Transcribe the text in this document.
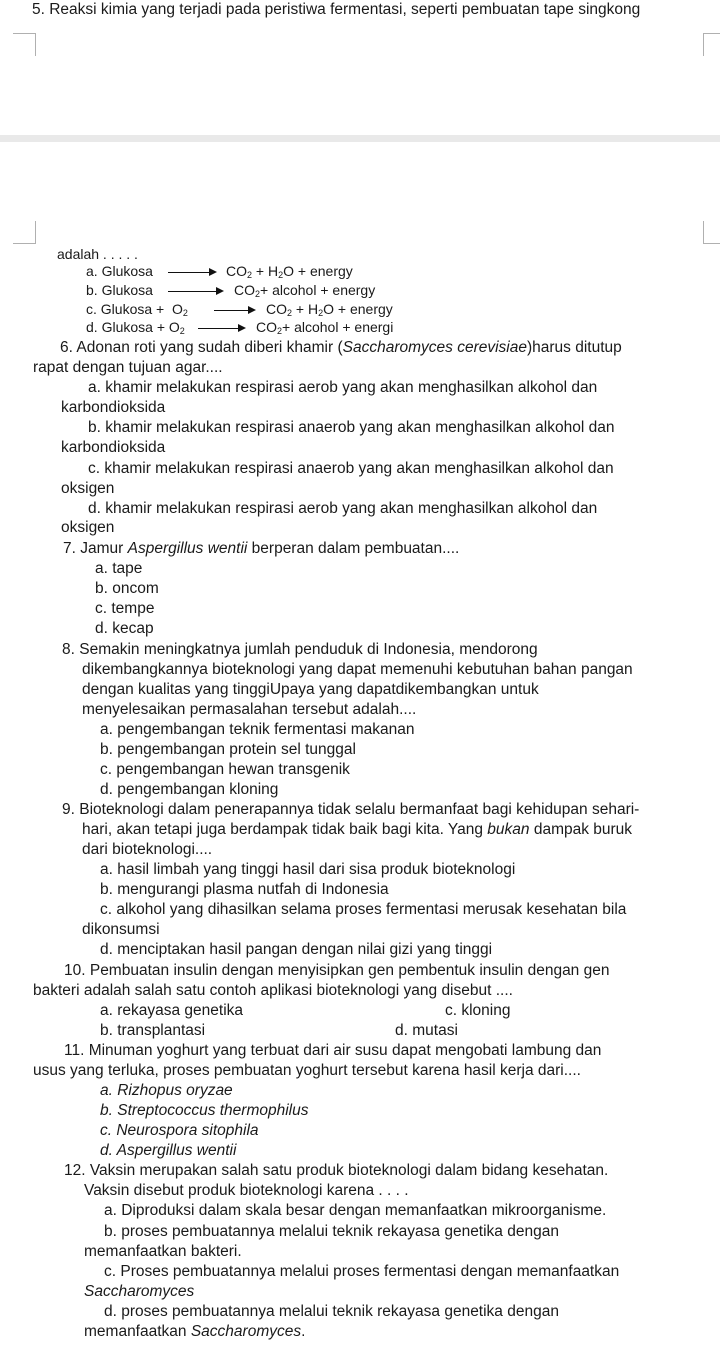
5. Reaksi kimia yang terjadi pada peristiwa fermentasi, seperti pembuatan tape singkong
adalah . . . . .
a. Glukosa → $CO_2 + H_2O$ + energy
b. Glukosa → $CO_2+$ alcohol + energy
c. Glukosa + $O_2 \to CO_2 + H_2O$ + energy
d. Glukosa + $O_2 \to CO_2+$ alcohol + energi
6. Adonan roti yang sudah diberi khamir (Saccharomyces cerevisiae)harus ditutup
rapat dengan tujuan agar....
a. khamir melakukan respirasi aerob yang akan menghasilkan alkohol dan
karbondioksida
b. khamir melakukan respirasi anaerob yang akan menghasilkan alkohol dan
karbondioksida
c. khamir melakukan respirasi anaerob yang akan menghasilkan alkohol dan
oksigen
d. khamir melakukan respirasi aerob yang akan menghasilkan alkohol dan
oksigen
7. Jamur Aspergillus wentii berperan dalam pembuatan....
a. tape
b. oncom
c. tempe
d. kecap
8. Semakin meningkatnya jumlah penduduk di Indonesia, mendorong
dikembangkannya bioteknologi yang dapat memenuhi kebutuhan bahan pangan
dengan kualitas yang tinggiUpaya yang dapatdikembangkan untuk
menyelesaikan permasalahan tersebut adalah....
a. pengembangan teknik fermentasi makanan
b. pengembangan protein sel tunggal
c. pengembangan hewan transgenik
d. pengembangan kloning
9. Bioteknologi dalam penerapannya tidak selalu bermanfaat bagi kehidupan sehari-
hari, akan tetapi juga berdampak tidak baik bagi kita. Yang bukan dampak buruk
dari bioteknologi....
a. hasil limbah yang tinggi hasil dari sisa produk bioteknologi
b. mengurangi plasma nutfah di Indonesia
c. alkohol yang dihasilkan selama proses fermentasi merusak kesehatan bila
dikonsumsi
d. menciptakan hasil pangan dengan nilai gizi yang tinggi
10. Pembuatan insulin dengan menyisipkan gen pembentuk insulin dengan gen
bakteri adalah salah satu contoh aplikasi bioteknologi yang disebut ....
a. rekayasa genetika	c. kloning
b. transplantasi	d. mutasi
11. Minuman yoghurt yang terbuat dari air susu dapat mengobati lambung dan
usus yang terluka, proses pembuatan yoghurt tersebut karena hasil kerja dari....
a. Rizhopus oryzae
b. Streptococcus thermophilus
c. Neurospora sitophila
d. Aspergillus wentii
12. Vaksin merupakan salah satu produk bioteknologi dalam bidang kesehatan.
Vaksin disebut produk bioteknologi karena . . . .
a. Diproduksi dalam skala besar dengan memanfaatkan mikroorganisme.
b. proses pembuatannya melalui teknik rekayasa genetika dengan
memanfaatkan bakteri.
c. Proses pembuatannya melalui proses fermentasi dengan memanfaatkan
Saccharomyces
d. proses pembuatannya melalui teknik rekayasa genetika dengan
memanfaatkan Saccharomyces.
